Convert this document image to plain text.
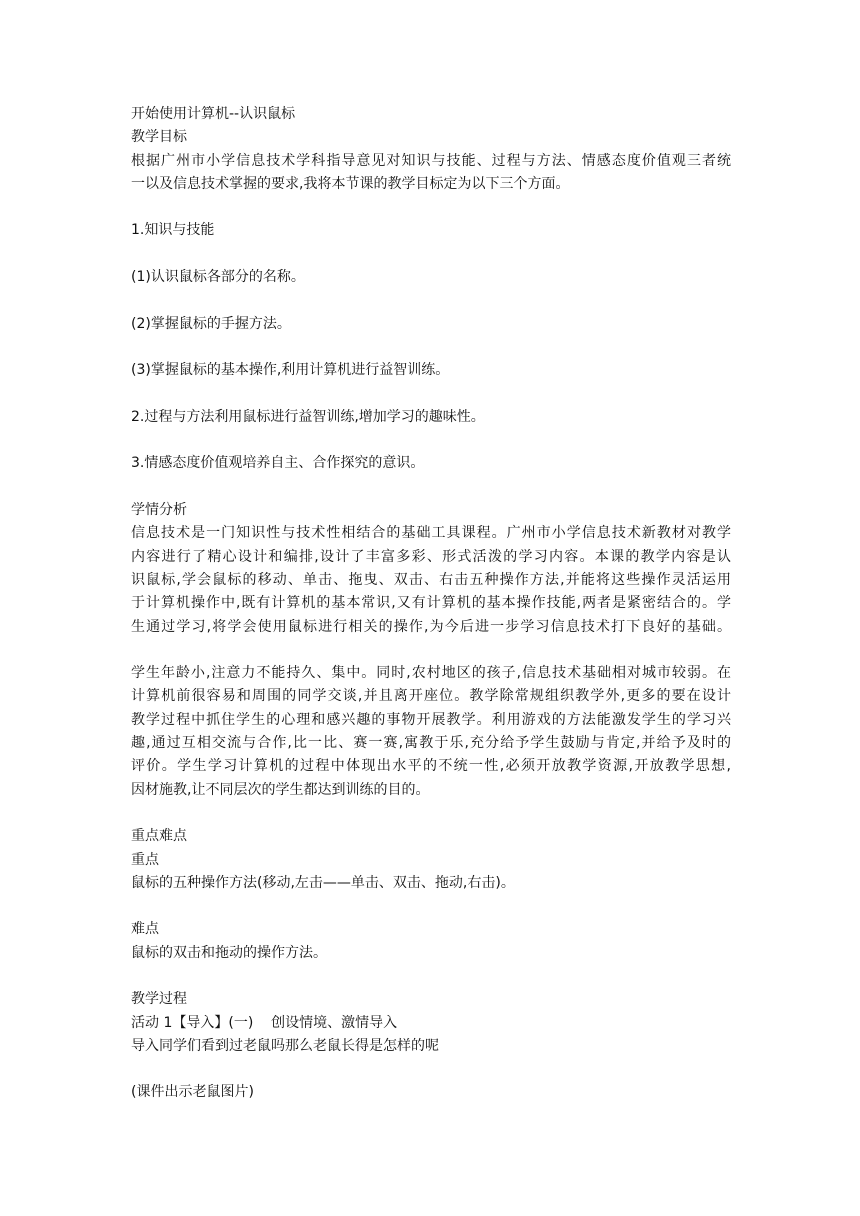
开始使用计算机--认识鼠标
教学目标
根据广州市小学信息技术学科指导意见对知识与技能、过程与方法、情感态度价值观三者统
一以及信息技术掌握的要求,我将本节课的教学目标定为以下三个方面。
1.知识与技能
(1)认识鼠标各部分的名称。
(2)掌握鼠标的手握方法。
(3)掌握鼠标的基本操作,利用计算机进行益智训练。
2.过程与方法利用鼠标进行益智训练,增加学习的趣味性。
3.情感态度价值观培养自主、合作探究的意识。
学情分析
信息技术是一门知识性与技术性相结合的基础工具课程。广州市小学信息技术新教材对教学
内容进行了精心设计和编排,设计了丰富多彩、形式活泼的学习内容。本课的教学内容是认
识鼠标,学会鼠标的移动、单击、拖曳、双击、右击五种操作方法,并能将这些操作灵活运用
于计算机操作中,既有计算机的基本常识,又有计算机的基本操作技能,两者是紧密结合的。学
生通过学习,将学会使用鼠标进行相关的操作,为今后进一步学习信息技术打下良好的基础。
学生年龄小,注意力不能持久、集中。同时,农村地区的孩子,信息技术基础相对城市较弱。在
计算机前很容易和周围的同学交谈,并且离开座位。教学除常规组织教学外,更多的要在设计
教学过程中抓住学生的心理和感兴趣的事物开展教学。利用游戏的方法能激发学生的学习兴
趣,通过互相交流与合作,比一比、赛一赛,寓教于乐,充分给予学生鼓励与肯定,并给予及时的
评价。学生学习计算机的过程中体现出水平的不统一性,必须开放教学资源,开放教学思想,
因材施教,让不同层次的学生都达到训练的目的。
重点难点
重点
鼠标的五种操作方法(移动,左击——单击、双击、拖动,右击)。
难点
鼠标的双击和拖动的操作方法。
教学过程
活动 1【导入】(一)    创设情境、激情导入
导入同学们看到过老鼠吗那么老鼠长得是怎样的呢
(课件出示老鼠图片)
